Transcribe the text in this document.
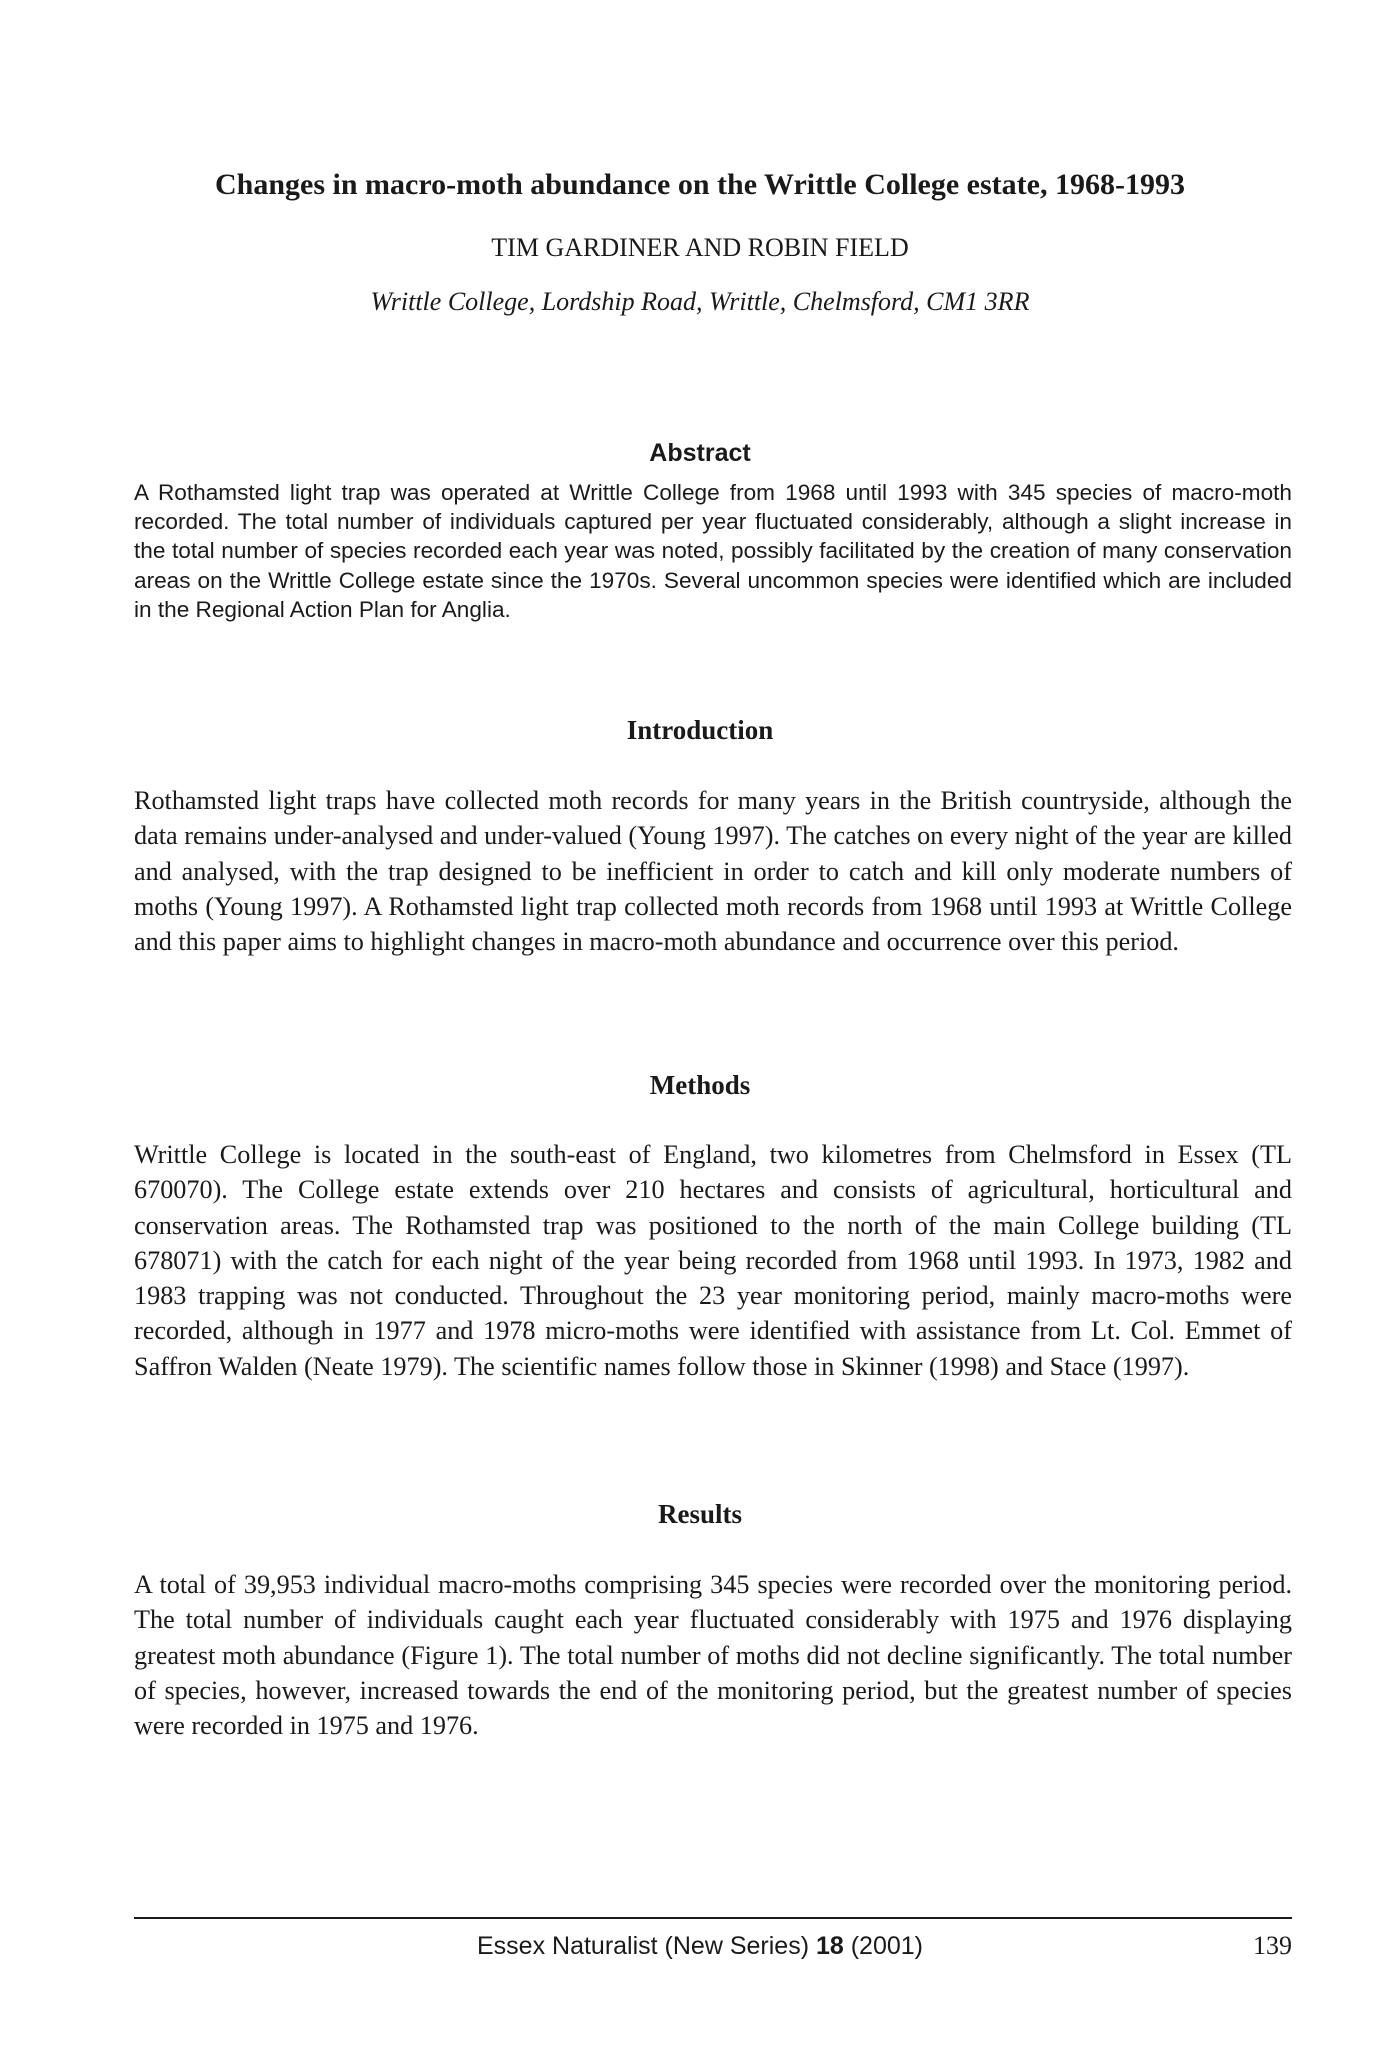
Changes in macro-moth abundance on the Writtle College estate, 1968-1993
TIM GARDINER AND ROBIN FIELD
Writtle College, Lordship Road, Writtle, Chelmsford, CM1 3RR
Abstract

A Rothamsted light trap was operated at Writtle College from 1968 until 1993 with 345 species of macro-moth recorded. The total number of individuals captured per year fluctuated considerably, although a slight increase in the total number of species recorded each year was noted, possibly facilitated by the creation of many conservation areas on the Writtle College estate since the 1970s. Several uncommon species were identified which are included in the Regional Action Plan for Anglia.

Introduction

Rothamsted light traps have collected moth records for many years in the British countryside, although the data remains under-analysed and under-valued (Young 1997). The catches on every night of the year are killed and analysed, with the trap designed to be inefficient in order to catch and kill only moderate numbers of moths (Young 1997). A Rothamsted light trap collected moth records from 1968 until 1993 at Writtle College and this paper aims to highlight changes in macro-moth abundance and occurrence over this period.

Methods

Writtle College is located in the south-east of England, two kilometres from Chelmsford in Essex (TL 670070). The College estate extends over 210 hectares and consists of agricultural, horticultural and conservation areas. The Rothamsted trap was positioned to the north of the main College building (TL 678071) with the catch for each night of the year being recorded from 1968 until 1993. In 1973, 1982 and 1983 trapping was not conducted. Throughout the 23 year monitoring period, mainly macro-moths were recorded, although in 1977 and 1978 micro-moths were identified with assistance from Lt. Col. Emmet of Saffron Walden (Neate 1979). The scientific names follow those in Skinner (1998) and Stace (1997).

Results

A total of 39,953 individual macro-moths comprising 345 species were recorded over the monitoring period. The total number of individuals caught each year fluctuated considerably with 1975 and 1976 displaying greatest moth abundance (Figure 1). The total number of moths did not decline significantly. The total number of species, however, increased towards the end of the monitoring period, but the greatest number of species were recorded in 1975 and 1976.

Essex Naturalist (New Series) 18 (2001)	139
